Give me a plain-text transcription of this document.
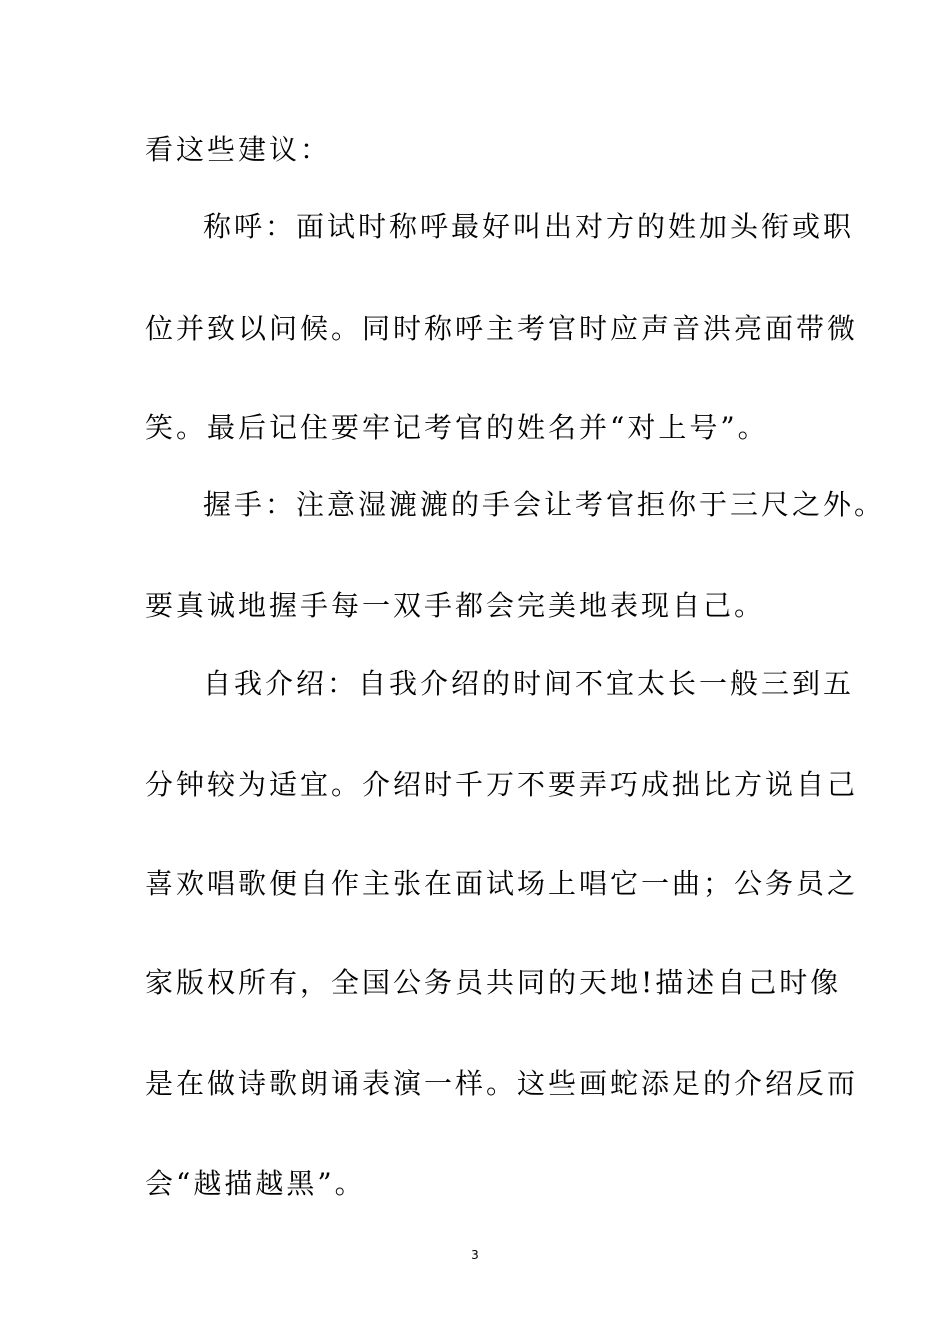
看这些建议：
称呼：面试时称呼最好叫出对方的姓加头衔或职
位并致以问候。同时称呼主考官时应声音洪亮面带微
笑。最后记住要牢记考官的姓名并“对上号”。
握手：注意湿漉漉的手会让考官拒你于三尺之外。
要真诚地握手每一双手都会完美地表现自己。
自我介绍：自我介绍的时间不宜太长一般三到五
分钟较为适宜。介绍时千万不要弄巧成拙比方说自己
喜欢唱歌便自作主张在面试场上唱它一曲；公务员之
家版权所有，全国公务员共同的天地!描述自己时像
是在做诗歌朗诵表演一样。这些画蛇添足的介绍反而
会“越描越黑”。
3
